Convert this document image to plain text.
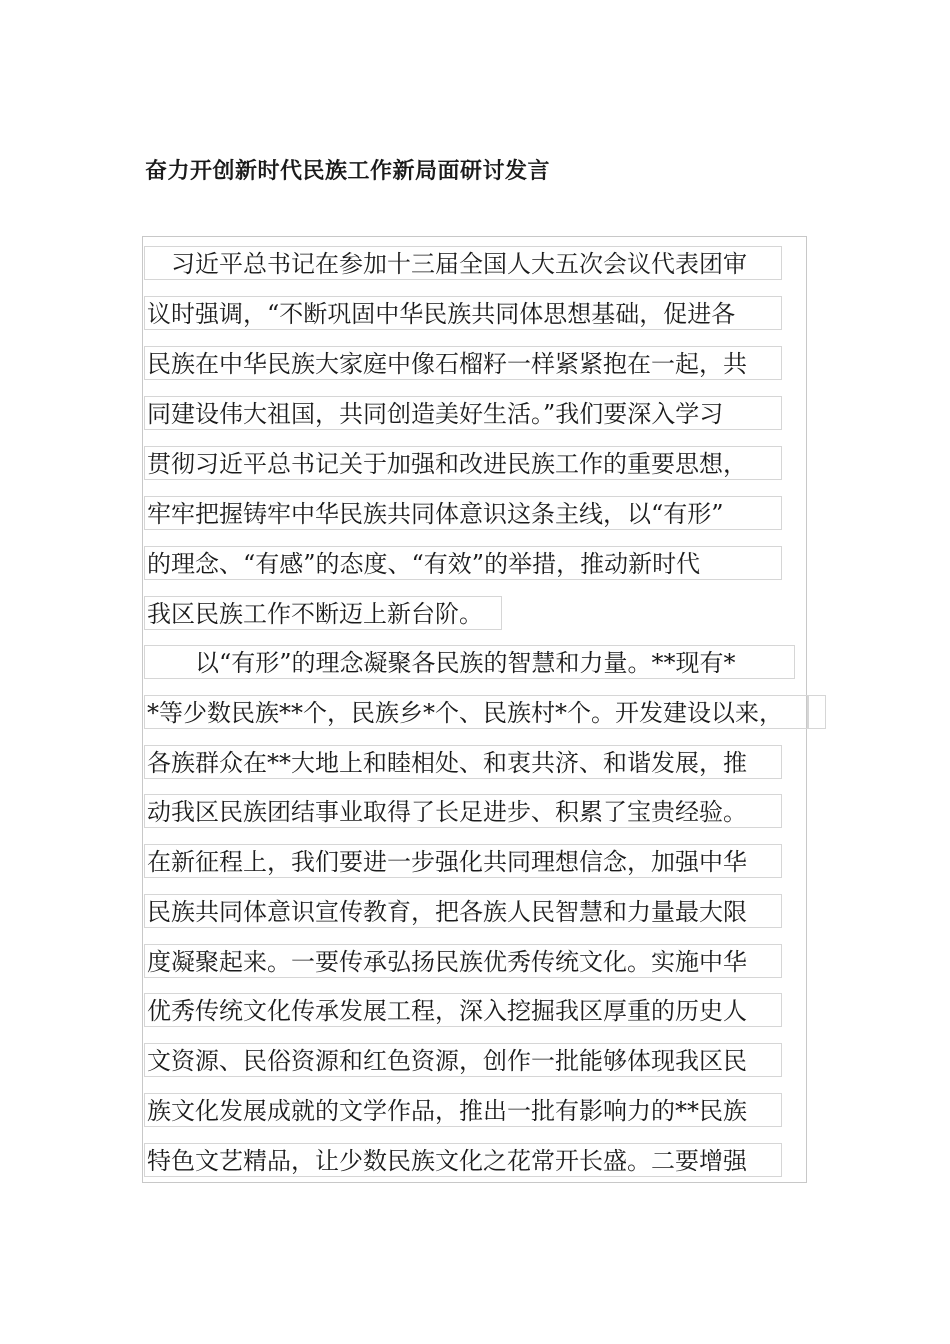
奋力开创新时代民族工作新局面研讨发言
　习近平总书记在参加十三届全国人大五次会议代表团审
议时强调，“不断巩固中华民族共同体思想基础，促进各
民族在中华民族大家庭中像石榴籽一样紧紧抱在一起，共
同建设伟大祖国，共同创造美好生活。”我们要深入学习
贯彻习近平总书记关于加强和改进民族工作的重要思想，
牢牢把握铸牢中华民族共同体意识这条主线，以“有形”
的理念、“有感”的态度、“有效”的举措，推动新时代
我区民族工作不断迈上新台阶。
　　以“有形”的理念凝聚各民族的智慧和力量。**现有*
*等少数民族**个，民族乡*个、民族村*个。开发建设以来，
各族群众在**大地上和睦相处、和衷共济、和谐发展，推
动我区民族团结事业取得了长足进步、积累了宝贵经验。
在新征程上，我们要进一步强化共同理想信念，加强中华
民族共同体意识宣传教育，把各族人民智慧和力量最大限
度凝聚起来。一要传承弘扬民族优秀传统文化。实施中华
优秀传统文化传承发展工程，深入挖掘我区厚重的历史人
文资源、民俗资源和红色资源，创作一批能够体现我区民
族文化发展成就的文学作品，推出一批有影响力的**民族
特色文艺精品，让少数民族文化之花常开长盛。二要增强
